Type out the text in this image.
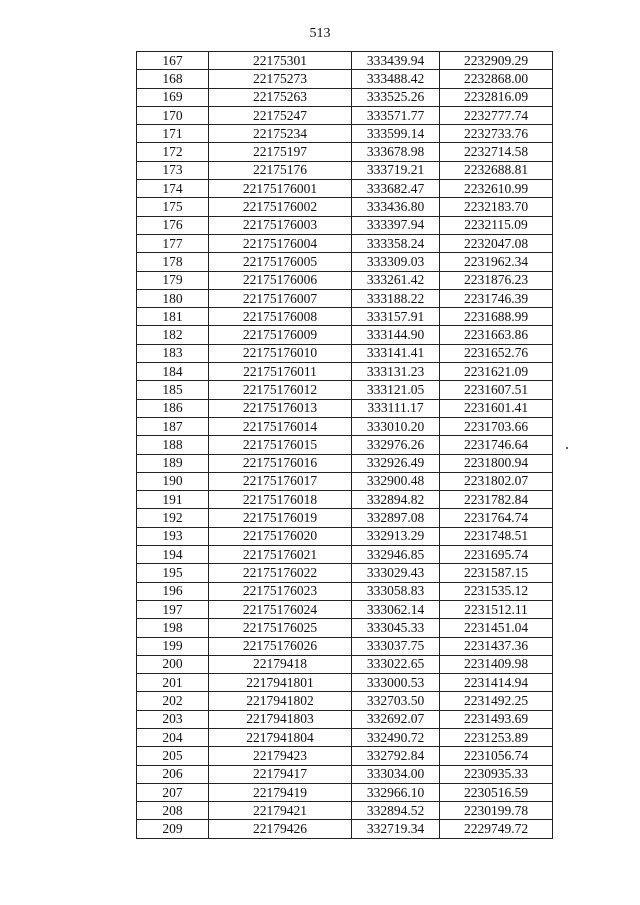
513
167	22175301	333439.94	2232909.29
168	22175273	333488.42	2232868.00
169	22175263	333525.26	2232816.09
170	22175247	333571.77	2232777.74
171	22175234	333599.14	2232733.76
172	22175197	333678.98	2232714.58
173	22175176	333719.21	2232688.81
174	22175176001	333682.47	2232610.99
175	22175176002	333436.80	2232183.70
176	22175176003	333397.94	2232115.09
177	22175176004	333358.24	2232047.08
178	22175176005	333309.03	2231962.34
179	22175176006	333261.42	2231876.23
180	22175176007	333188.22	2231746.39
181	22175176008	333157.91	2231688.99
182	22175176009	333144.90	2231663.86
183	22175176010	333141.41	2231652.76
184	22175176011	333131.23	2231621.09
185	22175176012	333121.05	2231607.51
186	22175176013	333111.17	2231601.41
187	22175176014	333010.20	2231703.66
188	22175176015	332976.26	2231746.64
189	22175176016	332926.49	2231800.94
190	22175176017	332900.48	2231802.07
191	22175176018	332894.82	2231782.84
192	22175176019	332897.08	2231764.74
193	22175176020	332913.29	2231748.51
194	22175176021	332946.85	2231695.74
195	22175176022	333029.43	2231587.15
196	22175176023	333058.83	2231535.12
197	22175176024	333062.14	2231512.11
198	22175176025	333045.33	2231451.04
199	22175176026	333037.75	2231437.36
200	22179418	333022.65	2231409.98
201	2217941801	333000.53	2231414.94
202	2217941802	332703.50	2231492.25
203	2217941803	332692.07	2231493.69
204	2217941804	332490.72	2231253.89
205	22179423	332792.84	2231056.74
206	22179417	333034.00	2230935.33
207	22179419	332966.10	2230516.59
208	22179421	332894.52	2230199.78
209	22179426	332719.34	2229749.72
